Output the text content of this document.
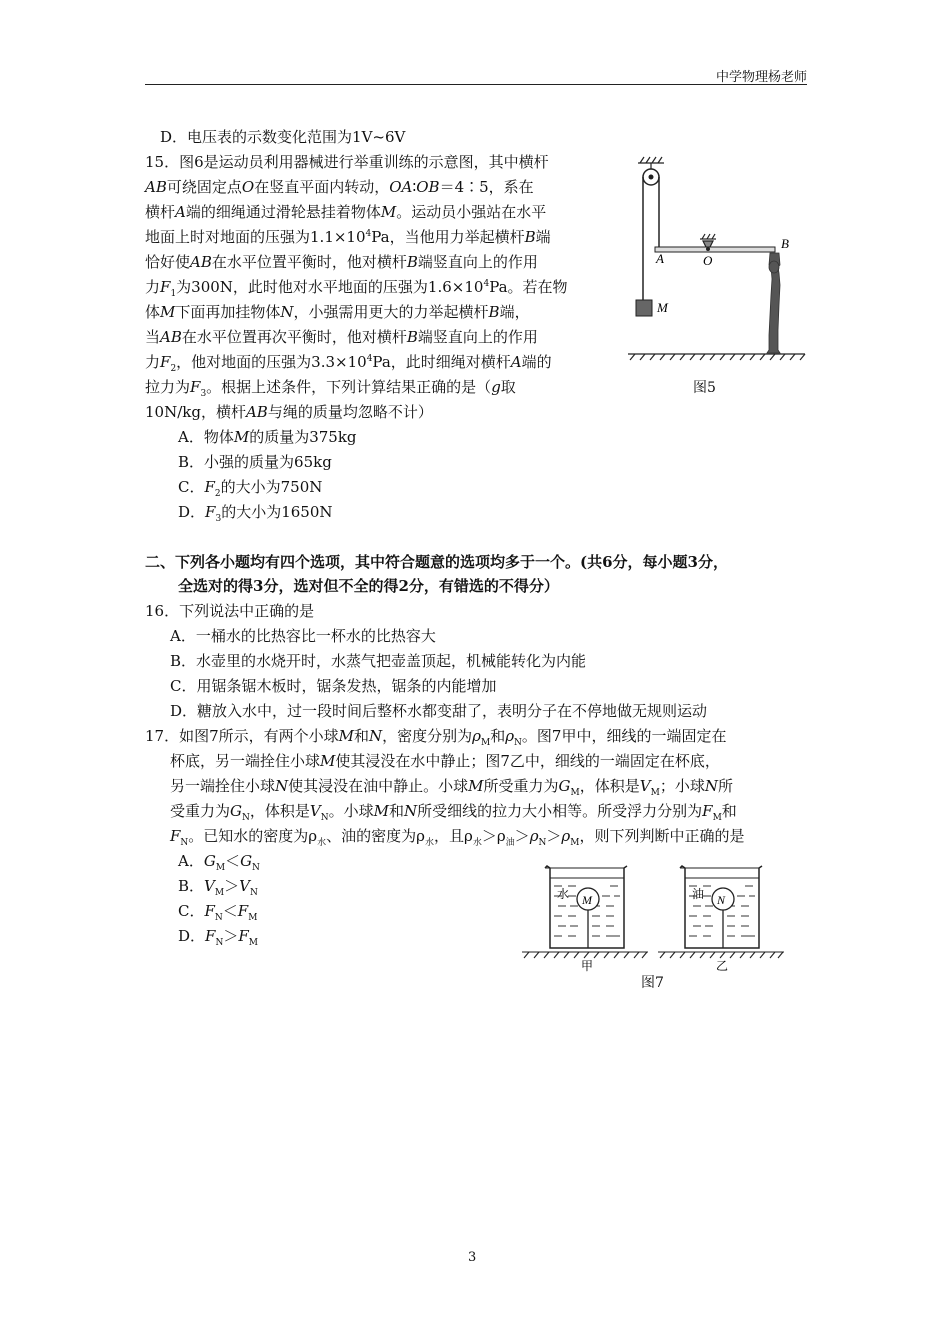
中学物理杨老师
D．电压表的示数变化范围为1V~6V
15．图6是运动员利用器械进行举重训练的示意图，其中横杆
AB可绕固定点O在竖直平面内转动，OA∶OB＝4∶5，系在
横杆A端的细绳通过滑轮悬挂着物体M。运动员小强站在水平
地面上时对地面的压强为$1.1\times 10^4Pa$，当他用力举起横杆B端
恰好使AB在水平位置平衡时，他对横杆B端竖直向上的作用
力$F_1$为300N，此时他对水平地面的压强为$1.6\times 10^4Pa$。若在物
体M下面再加挂物体N，小强需用更大的力举起横杆B端，
当AB在水平位置再次平衡时，他对横杆B端竖直向上的作用
力$F_2$，他对地面的压强为$3.3\times 10^4Pa$，此时细绳对横杆A端的
拉力为$F_3$。根据上述条件，下列计算结果正确的是（g取
10N/kg，横杆AB与绳的质量均忽略不计）
A．物体M的质量为375kg
B．小强的质量为65kg
C．$F_2$的大小为750N
D．$F_3$的大小为1650N
M
A	O
B
图5
二、下列各小题均有四个选项，其中符合题意的选项均多于一个。(共6分，每小题3分，
全选对的得3分，选对但不全的得2分，有错选的不得分）
16．下列说法中正确的是
A．一桶水的比热容比一杯水的比热容大
B．水壶里的水烧开时，水蒸气把壶盖顶起，机械能转化为内能
C．用锯条锯木板时，锯条发热，锯条的内能增加
D．糖放入水中，过一段时间后整杯水都变甜了，表明分子在不停地做无规则运动
17．如图7所示，有两个小球M和N，密度分别为$\rho_M$和$\rho_N$。图7甲中，细线的一端固定在
杯底，另一端拴住小球M使其浸没在水中静止；图7乙中，细线的一端固定在杯底，
另一端拴住小球N使其浸没在油中静止。小球M所受重力为$G_M$，体积是$V_M$；小球N所
受重力为$G_N$，体积是$V_N$。小球M和N所受细线的拉力大小相等。所受浮力分别为$F_M$和
$F_N$。已知水的密度为$\rho_水$、油的密度为$\rho_水$，且$\rho_水>\rho_油>\rho_N>\rho_M$，则下列判断中正确的是
A．$G_M<G_N$
B．$V_M>V_N$
C．$F_N<F_M$
D．$F_N>F_M$
水 M	油 N
甲	乙
图7
3
